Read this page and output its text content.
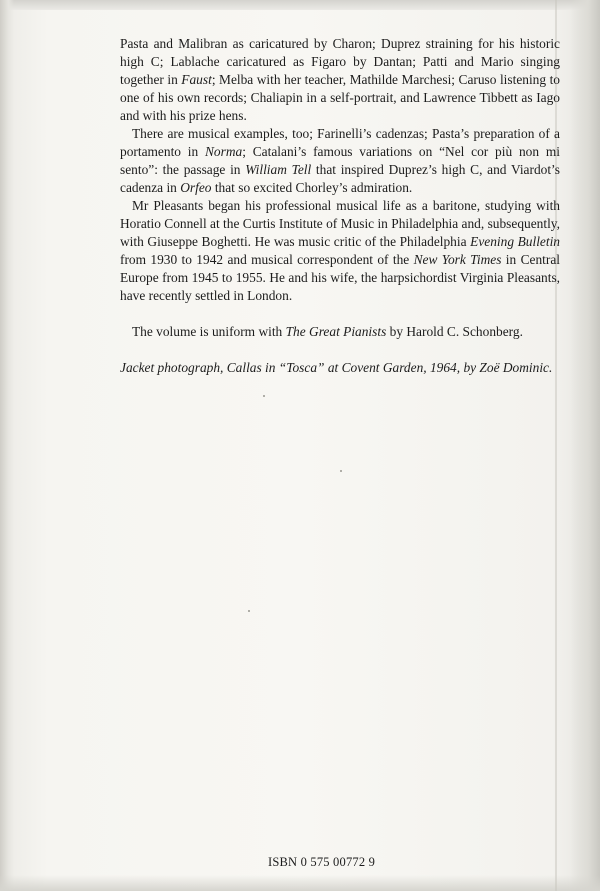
Pasta and Malibran as caricatured by Charon; Duprez straining for his historic high C; Lablache caricatured as Figaro by Dantan; Patti and Mario singing together in Faust; Melba with her teacher, Mathilde Marchesi; Caruso listening to one of his own records; Chaliapin in a self-portrait, and Lawrence Tibbett as Iago and with his prize hens.

There are musical examples, too; Farinelli’s cadenzas; Pasta’s preparation of a portamento in Norma; Catalani’s famous variations on “Nel cor più non mi sento”: the passage in William Tell that inspired Duprez’s high C, and Viardot’s cadenza in Orfeo that so excited Chorley’s admiration.

Mr Pleasants began his professional musical life as a baritone, studying with Horatio Connell at the Curtis Institute of Music in Philadelphia and, subsequently, with Giuseppe Boghetti. He was music critic of the Philadelphia Evening Bulletin from 1930 to 1942 and musical correspondent of the New York Times in Central Europe from 1945 to 1955. He and his wife, the harpsichordist Virginia Pleasants, have recently settled in London.

The volume is uniform with The Great Pianists by Harold C. Schonberg.

Jacket photograph, Callas in “Tosca” at Covent Garden, 1964, by Zoë Dominic.

ISBN 0 575 00772 9
